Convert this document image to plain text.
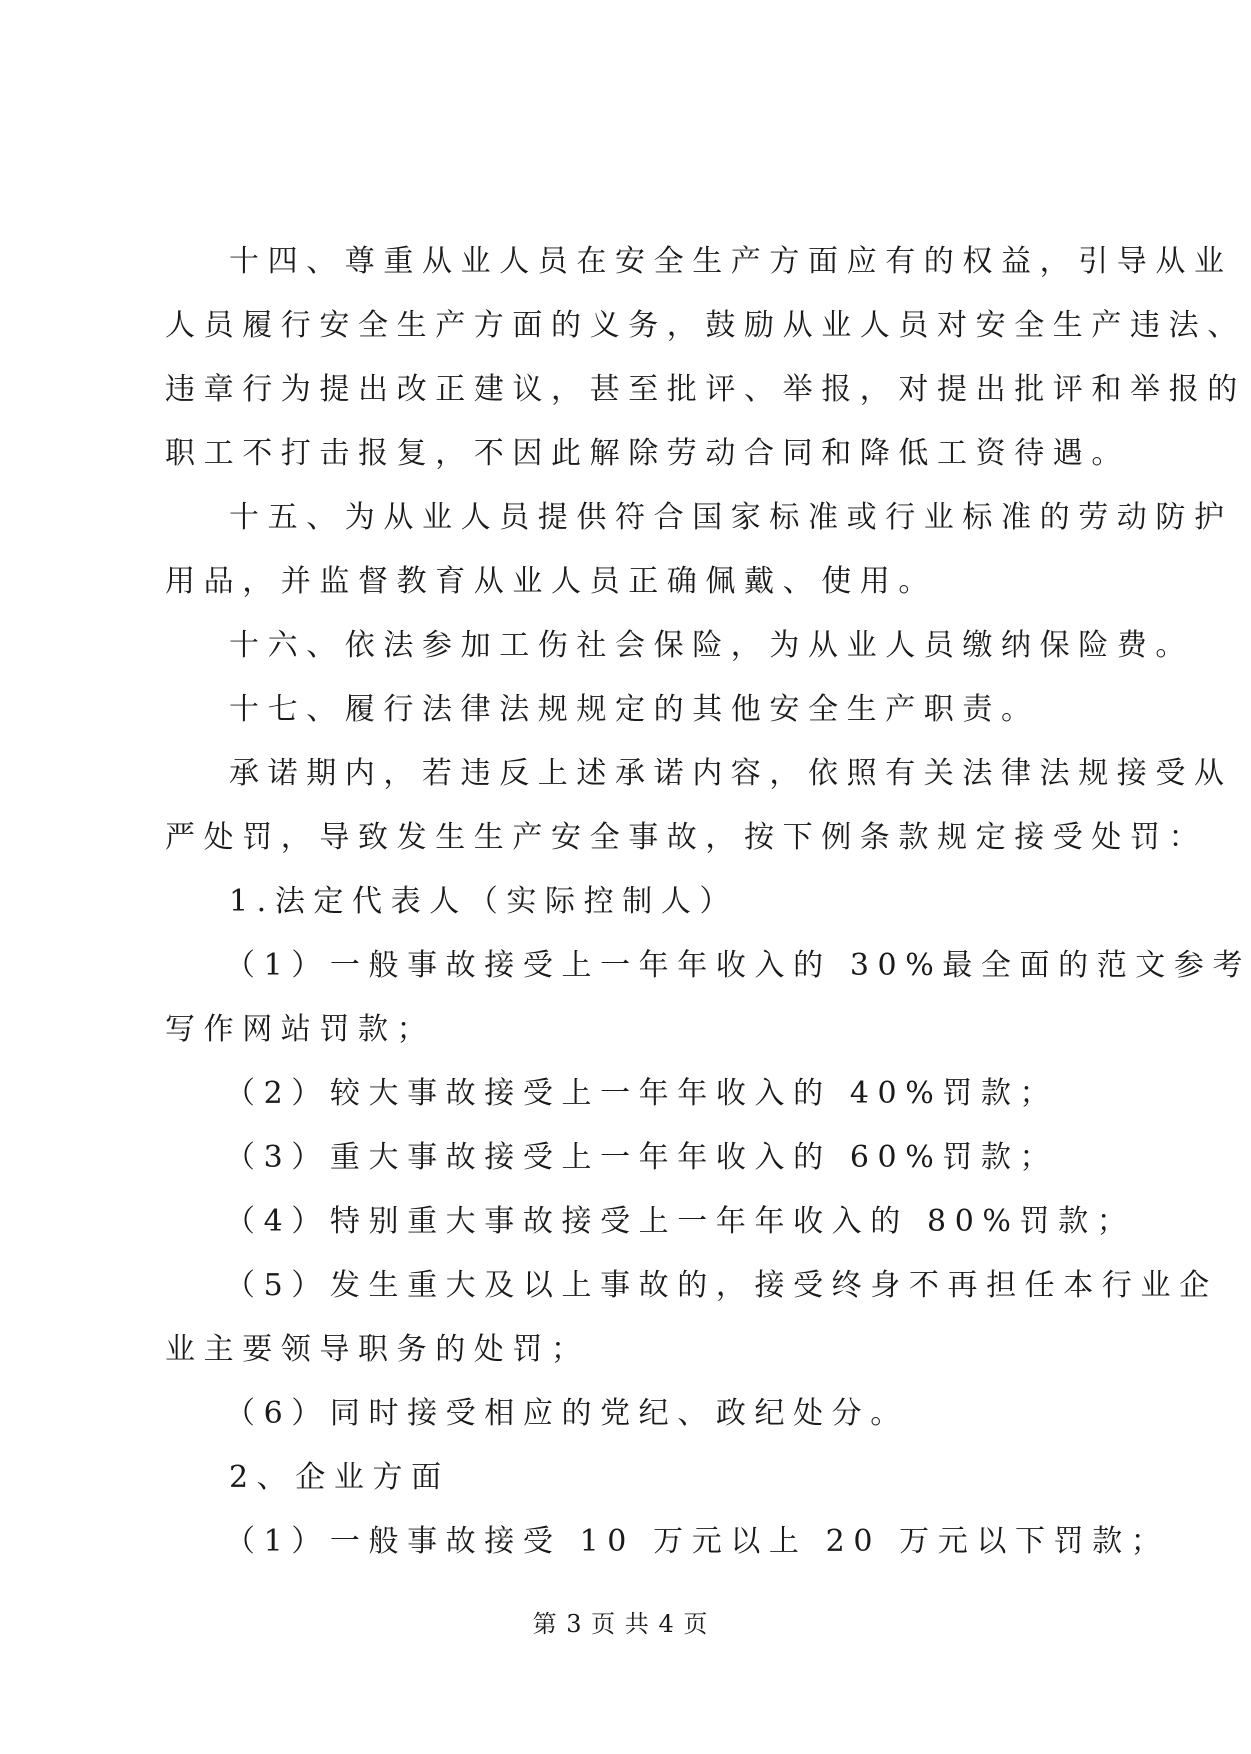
十四、尊重从业人员在安全生产方面应有的权益，引导从业
人员履行安全生产方面的义务，鼓励从业人员对安全生产违法、
违章行为提出改正建议，甚至批评、举报，对提出批评和举报的
职工不打击报复，不因此解除劳动合同和降低工资待遇。
十五、为从业人员提供符合国家标准或行业标准的劳动防护
用品，并监督教育从业人员正确佩戴、使用。
十六、依法参加工伤社会保险，为从业人员缴纳保险费。
十七、履行法律法规规定的其他安全生产职责。
承诺期内，若违反上述承诺内容，依照有关法律法规接受从
严处罚，导致发生生产安全事故，按下例条款规定接受处罚：
1.法定代表人（实际控制人）
（1）一般事故接受上一年年收入的 30%最全面的范文参考
写作网站罚款；
（2）较大事故接受上一年年收入的 40%罚款；
（3）重大事故接受上一年年收入的 60%罚款；
（4）特别重大事故接受上一年年收入的 80%罚款；
（5）发生重大及以上事故的，接受终身不再担任本行业企
业主要领导职务的处罚；
（6）同时接受相应的党纪、政纪处分。
2、企业方面
（1）一般事故接受 10 万元以上 20 万元以下罚款；
第 3 页 共 4 页
